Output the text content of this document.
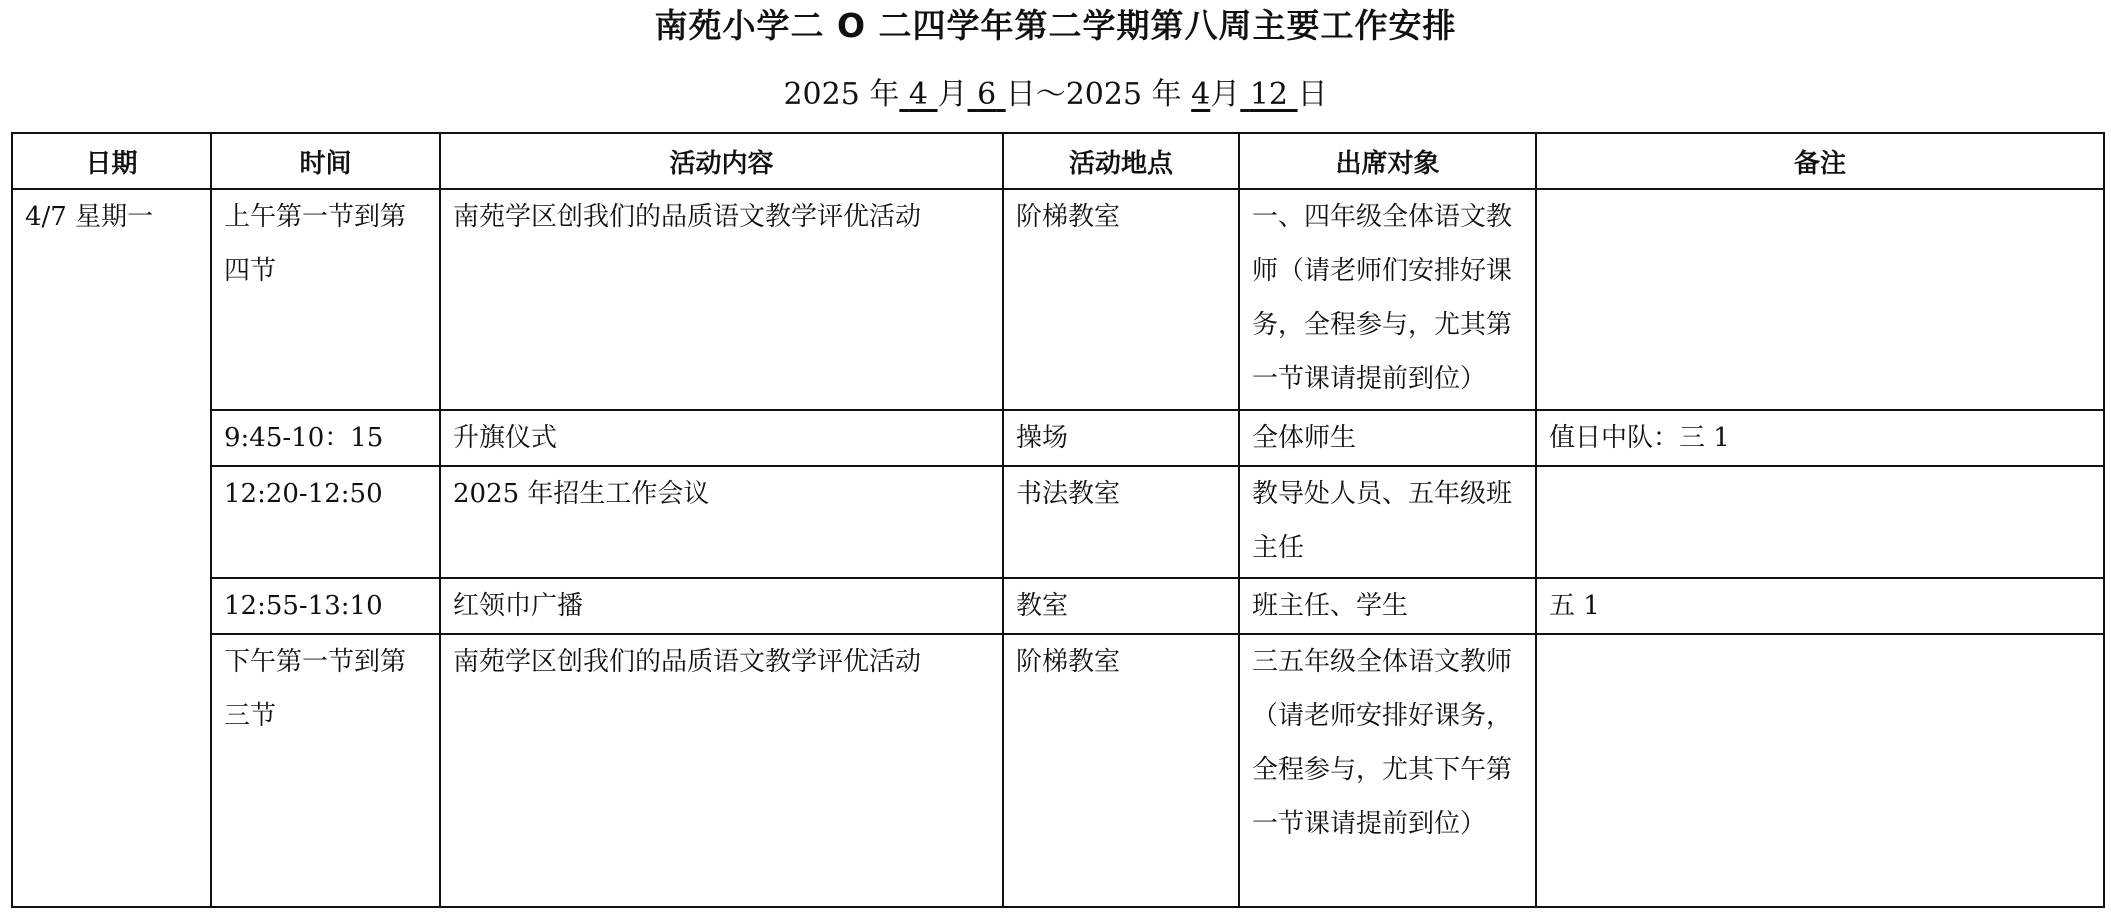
南苑小学二 O 二四学年第二学期第八周主要工作安排
2025 年 4 月 6 日～2025 年 4月 12 日
日期	时间	活动内容	活动地点	出席对象	备注
4/7 星期一	上午第一节到第四节	南苑学区创我们的品质语文教学评优活动	阶梯教室	一、四年级全体语文教师（请老师们安排好课务，全程参与，尤其第一节课请提前到位）	
	9:45-10：15	升旗仪式	操场	全体师生	值日中队：三 1
	12:20-12:50	2025 年招生工作会议	书法教室	教导处人员、五年级班主任	
	12:55-13:10	红领巾广播	教室	班主任、学生	五 1
	下午第一节到第三节	南苑学区创我们的品质语文教学评优活动	阶梯教室	三五年级全体语文教师（请老师安排好课务，全程参与，尤其下午第一节课请提前到位）	
